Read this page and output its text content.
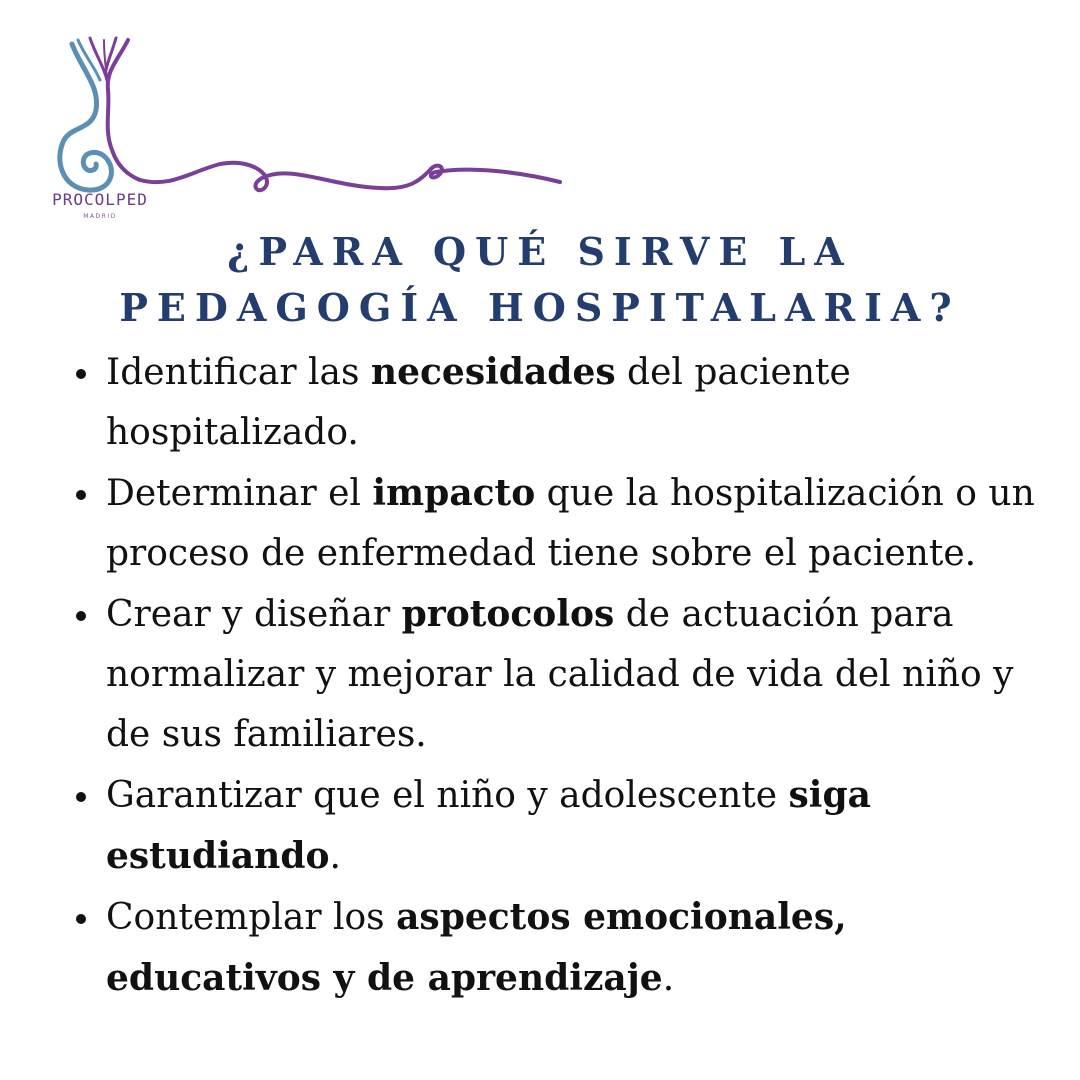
PROCOLPED
MADRID
¿PARA QUÉ SIRVE LA
PEDAGOGÍA HOSPITALARIA?
Identificar las necesidades del paciente hospitalizado.
Determinar el impacto que la hospitalización o un proceso de enfermedad tiene sobre el paciente.
Crear y diseñar protocolos de actuación para normalizar y mejorar la calidad de vida del niño y de sus familiares.
Garantizar que el niño y adolescente siga estudiando.
Contemplar los aspectos emocionales, educativos y de aprendizaje.
